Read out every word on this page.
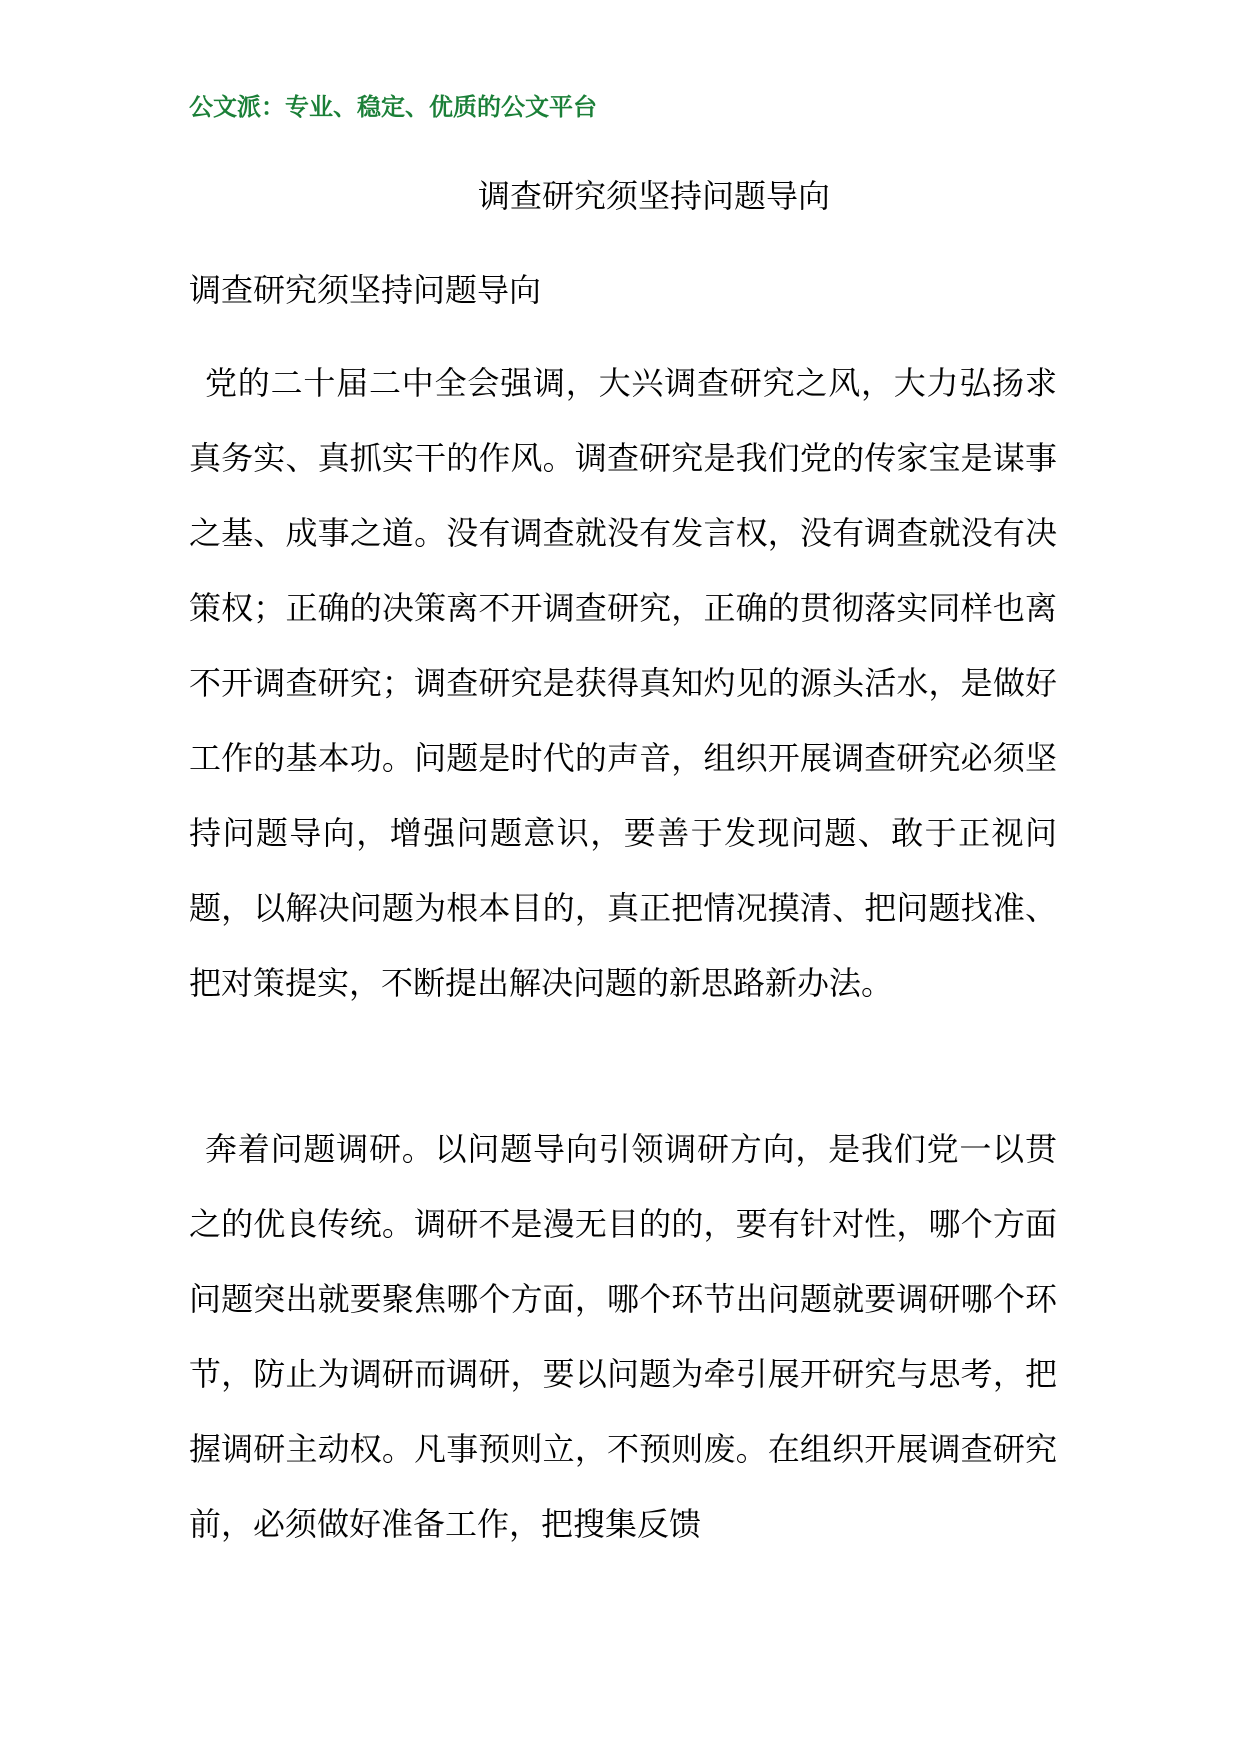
公文派：专业、稳定、优质的公文平台
调查研究须坚持问题导向
调查研究须坚持问题导向

党的二十届二中全会强调，大兴调查研究之风，大力弘扬求真务实、真抓实干的作风。调查研究是我们党的传家宝是谋事之基、成事之道。没有调查就没有发言权，没有调查就没有决策权；正确的决策离不开调查研究，正确的贯彻落实同样也离不开调查研究；调查研究是获得真知灼见的源头活水，是做好工作的基本功。问题是时代的声音，组织开展调查研究必须坚持问题导向，增强问题意识，要善于发现问题、敢于正视问题，以解决问题为根本目的，真正把情况摸清、把问题找准、把对策提实，不断提出解决问题的新思路新办法。

奔着问题调研。以问题导向引领调研方向，是我们党一以贯之的优良传统。调研不是漫无目的的，要有针对性，哪个方面问题突出就要聚焦哪个方面，哪个环节出问题就要调研哪个环节，防止为调研而调研，要以问题为牵引展开研究与思考，把握调研主动权。凡事预则立，不预则废。在组织开展调查研究前，必须做好准备工作，把搜集反馈
